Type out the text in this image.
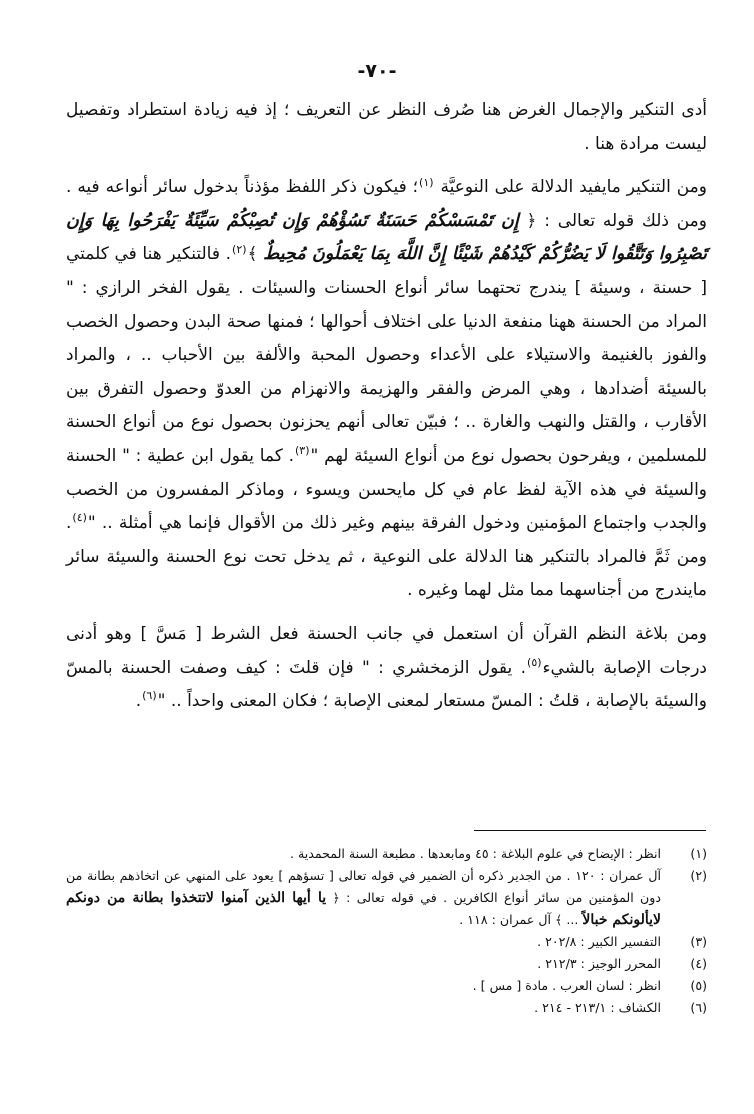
-٧٠-

أدى التنكير والإجمال الغرض هنا صُرف النظر عن التعريف ؛ إذ فيه زيادة استطراد وتفصيل ليست مرادة هنا .

ومن التنكير مايفيد الدلالة على النوعيَّة $^{(١)}$؛ فيكون ذكر اللفظ مؤذناً بدخول سائر أنواعه فيه . ومن ذلك قوله تعالى : ﴿ إِن تَمْسَسْكُمْ حَسَنَةٌ تَسُؤْهُمْ وَإِن تُصِبْكُمْ سَيِّئَةٌ يَفْرَحُوا بِهَا وَإِن تَصْبِرُوا وَتَتَّقُوا لَا يَضُرُّكُمْ كَيْدُهُمْ شَيْئًا إِنَّ اللَّهَ بِمَا يَعْمَلُونَ مُحِيطٌ ﴾$^{(٢)}$. فالتنكير هنا في كلمتي [ حسنة ، وسيئة ] يندرج تحتهما سائر أنواع الحسنات والسيئات . يقول الفخر الرازي : " المراد من الحسنة ههنا منفعة الدنيا على اختلاف أحوالها ؛ فمنها صحة البدن وحصول الخصب والفوز بالغنيمة والاستيلاء على الأعداء وحصول المحبة والألفة بين الأحباب .. ، والمراد بالسيئة أضدادها ، وهي المرض والفقر والهزيمة والانهزام من العدوّ وحصول التفرق بين الأقارب ، والقتل والنهب والغارة .. ؛ فبيّن تعالى أنهم يحزنون بحصول نوع من أنواع الحسنة للمسلمين ، ويفرحون بحصول نوع من أنواع السيئة لهم "$^{(٣)}$. كما يقول ابن عطية : " الحسنة والسيئة في هذه الآية لفظ عام في كل مايحسن ويسوء ، وماذكر المفسرون من الخصب والجدب واجتماع المؤمنين ودخول الفرقة بينهم وغير ذلك من الأقوال فإنما هي أمثلة .. "$^{(٤)}$. ومن ثَمَّ فالمراد بالتنكير هنا الدلالة على النوعية ، ثم يدخل تحت نوع الحسنة والسيئة سائر مايندرج من أجناسهما مما مثل لهما وغيره .

ومن بلاغة النظم القرآن أن استعمل في جانب الحسنة فعل الشرط [ مَسَّ ] وهو أدنى درجات الإصابة بالشيء$^{(٥)}$. يقول الزمخشري : " فإن قلتَ : كيف وصفت الحسنة بالمسّ والسيئة بالإصابة ، قلتُ : المسّ مستعار لمعنى الإصابة ؛ فكان المعنى واحداً .. "$^{(٦)}$.

(١)
انظر : الإيضاح في علوم البلاغة : ٤٥ ومابعدها . مطبعة السنة المحمدية .
(٢)
آل عمران : ١٢٠ . من الجدير ذكره أن الضمير في قوله تعالى [ تسؤهم ] يعود على المنهي عن اتخاذهم بطانة من دون المؤمنين من سائر أنواع الكافرين . في قوله تعالى : ﴿ يا أيها الذين آمنوا لاتتخذوا بطانة من دونكم لايألونكم خبالاً ... ﴾ آل عمران : ١١٨ .
(٣)
التفسير الكبير : ٢٠٢/٨ .
(٤)
المحرر الوجيز : ٢١٢/٣ .
(٥)
انظر : لسان العرب . مادة [ مس ] .
(٦)
الكشاف : ٢١٣/١ - ٢١٤ .
